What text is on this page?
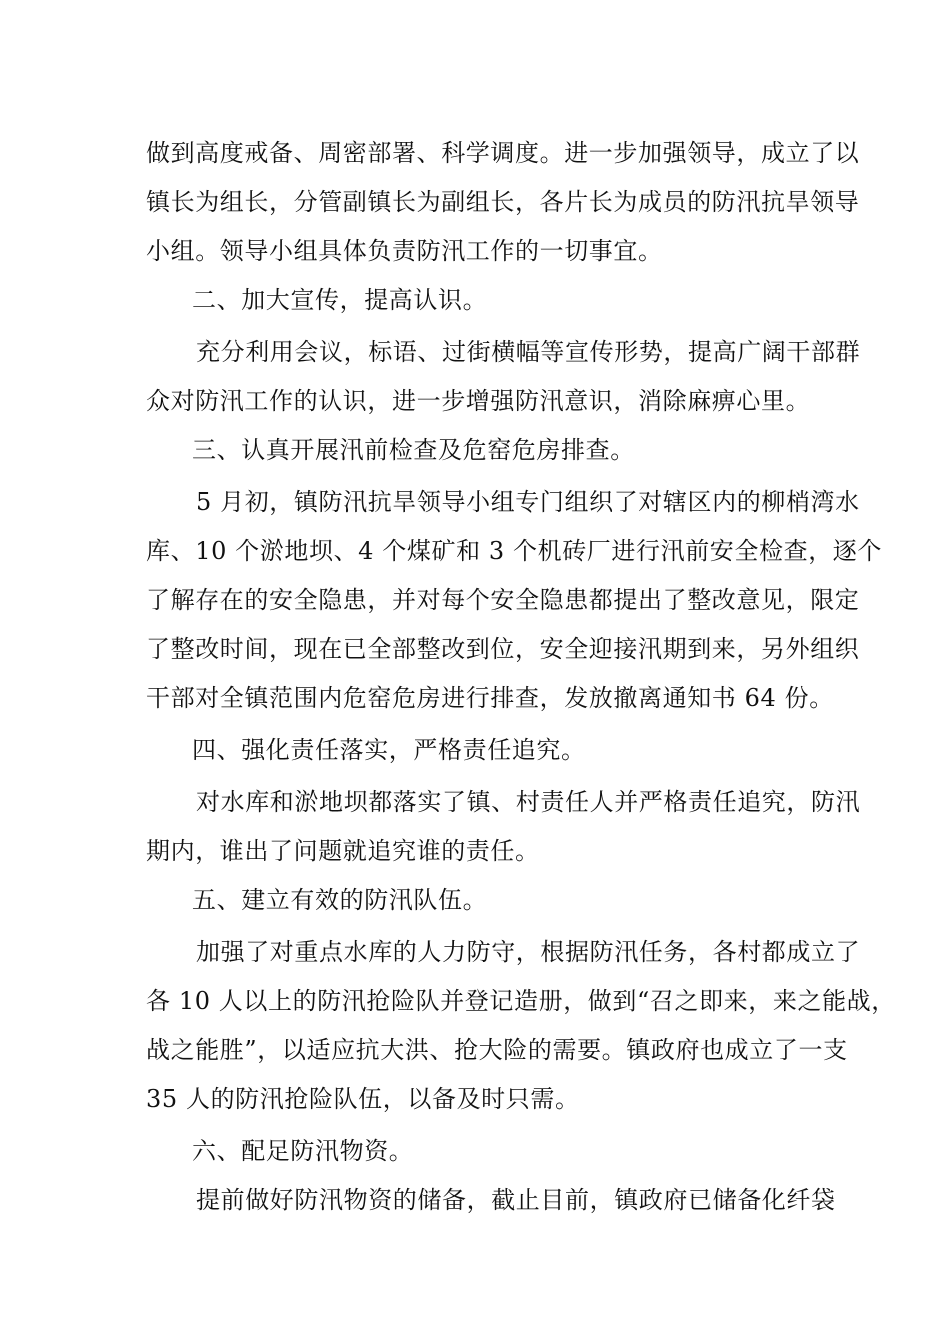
做到高度戒备、周密部署、科学调度。进一步加强领导，成立了以
镇长为组长，分管副镇长为副组长，各片长为成员的防汛抗旱领导
小组。领导小组具体负责防汛工作的一切事宜。
二、加大宣传，提高认识。
充分利用会议，标语、过街横幅等宣传形势，提高广阔干部群
众对防汛工作的认识，进一步增强防汛意识，消除麻痹心里。
三、认真开展汛前检查及危窑危房排查。
5 月初，镇防汛抗旱领导小组专门组织了对辖区内的柳梢湾水
库、10 个淤地坝、4 个煤矿和 3 个机砖厂进行汛前安全检查，逐个
了解存在的安全隐患，并对每个安全隐患都提出了整改意见，限定
了整改时间，现在已全部整改到位，安全迎接汛期到来，另外组织
干部对全镇范围内危窑危房进行排查，发放撤离通知书 64 份。
四、强化责任落实，严格责任追究。
对水库和淤地坝都落实了镇、村责任人并严格责任追究，防汛
期内，谁出了问题就追究谁的责任。
五、建立有效的防汛队伍。
加强了对重点水库的人力防守，根据防汛任务，各村都成立了
各 10 人以上的防汛抢险队并登记造册，做到“召之即来，来之能战，
战之能胜”，以适应抗大洪、抢大险的需要。镇政府也成立了一支
35 人的防汛抢险队伍，以备及时只需。
六、配足防汛物资。
提前做好防汛物资的储备，截止目前，镇政府已储备化纤袋
